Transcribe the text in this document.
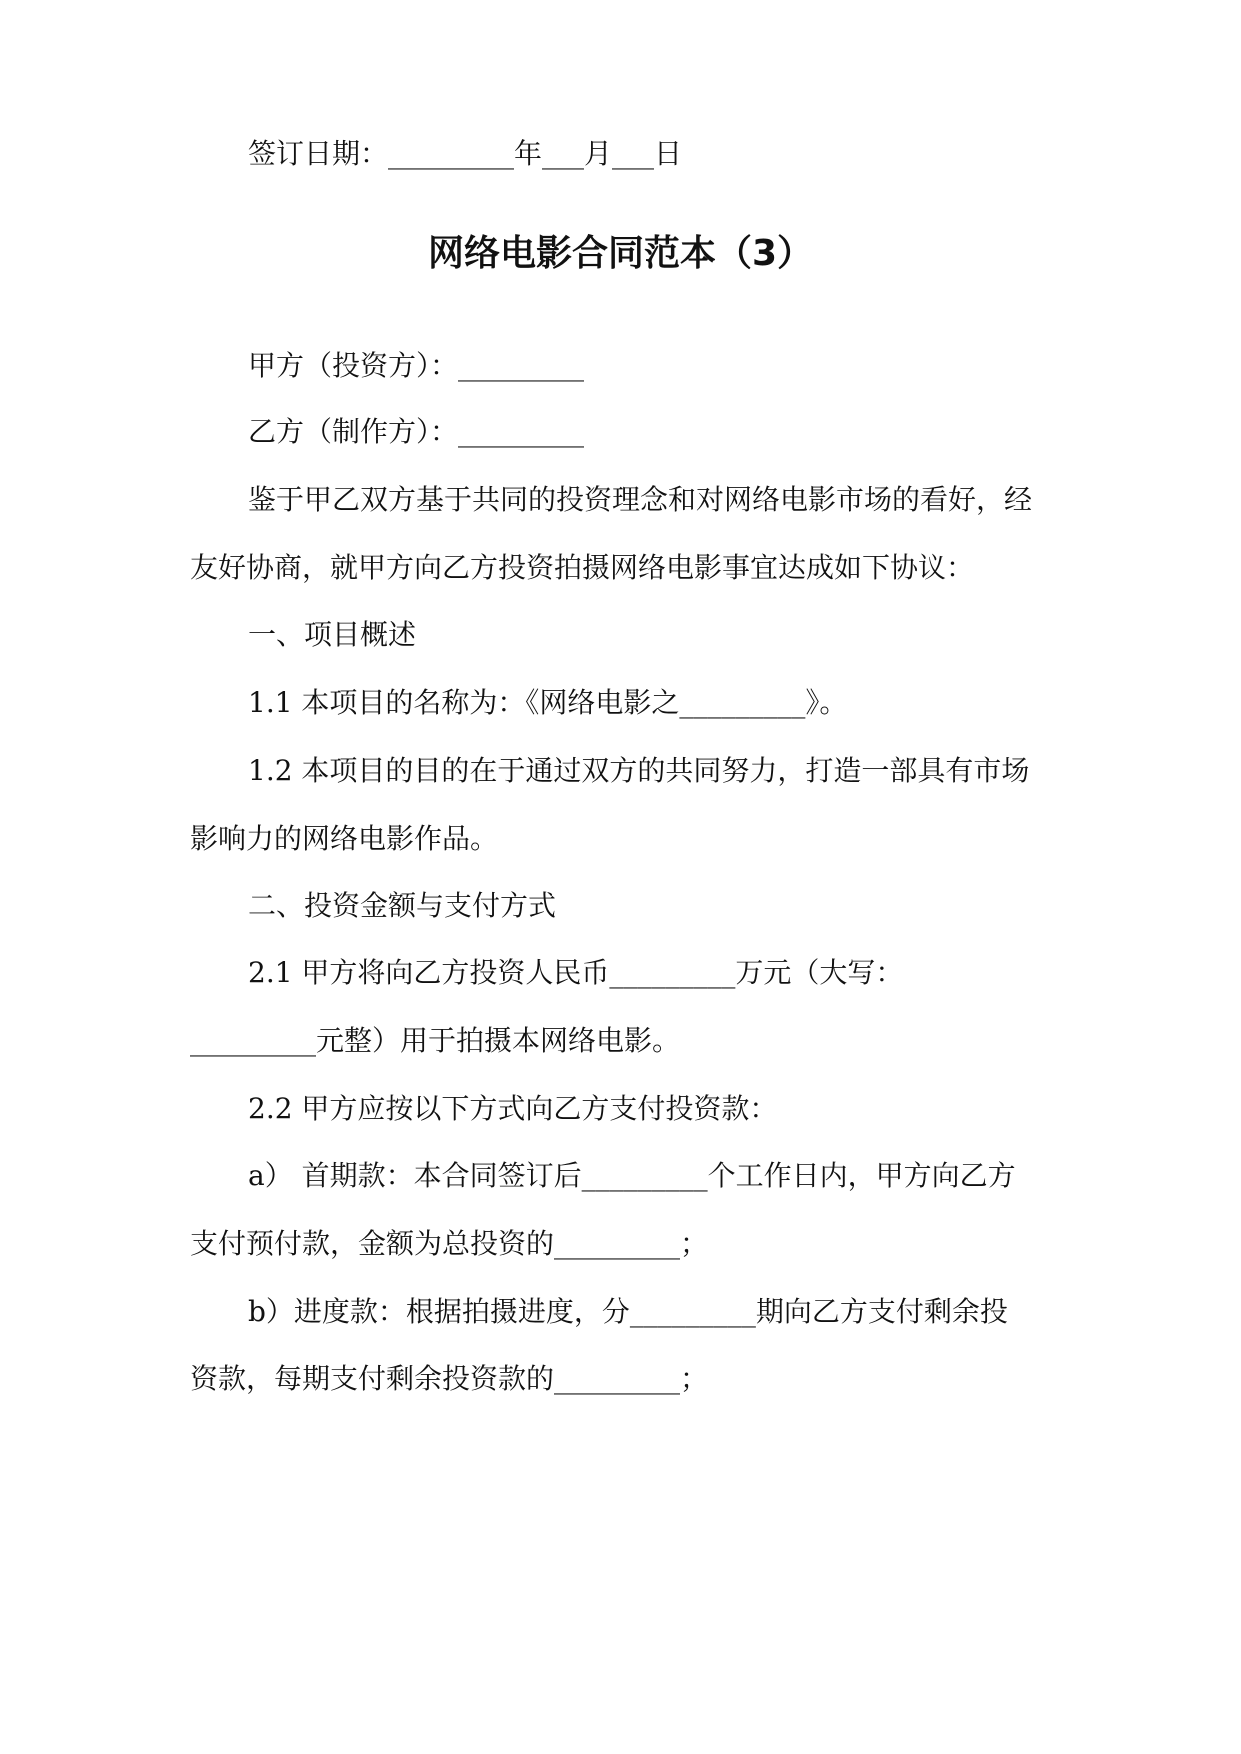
签订日期：_________年___月___日
网络电影合同范本（3）
甲方（投资方）：_________
乙方（制作方）：_________
鉴于甲乙双方基于共同的投资理念和对网络电影市场的看好，经
友好协商，就甲方向乙方投资拍摄网络电影事宜达成如下协议：
一、项目概述
1.1 本项目的名称为：《网络电影之_________》。
1.2 本项目的目的在于通过双方的共同努力，打造一部具有市场
影响力的网络电影作品。
二、投资金额与支付方式
2.1 甲方将向乙方投资人民币_________万元（大写：
_________元整）用于拍摄本网络电影。
2.2 甲方应按以下方式向乙方支付投资款：
a） 首期款：本合同签订后_________个工作日内，甲方向乙方
支付预付款，金额为总投资的_________；
b）进度款：根据拍摄进度，分_________期向乙方支付剩余投
资款，每期支付剩余投资款的_________；
